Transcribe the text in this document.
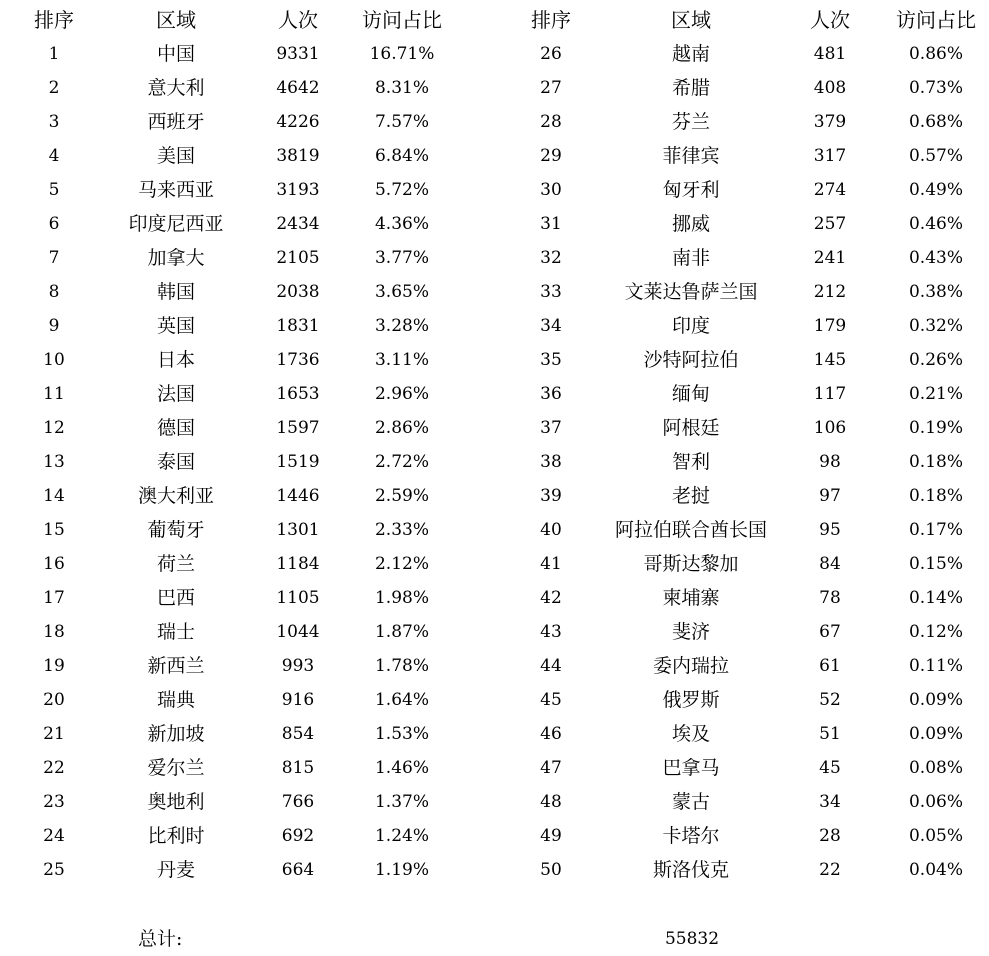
排序	区域	人次	访问占比
1	中国	9331	16.71%
2	意大利	4642	8.31%
3	西班牙	4226	7.57%
4	美国	3819	6.84%
5	马来西亚	3193	5.72%
6	印度尼西亚	2434	4.36%
7	加拿大	2105	3.77%
8	韩国	2038	3.65%
9	英国	1831	3.28%
10	日本	1736	3.11%
11	法国	1653	2.96%
12	德国	1597	2.86%
13	泰国	1519	2.72%
14	澳大利亚	1446	2.59%
15	葡萄牙	1301	2.33%
16	荷兰	1184	2.12%
17	巴西	1105	1.98%
18	瑞士	1044	1.87%
19	新西兰	993	1.78%
20	瑞典	916	1.64%
21	新加坡	854	1.53%
22	爱尔兰	815	1.46%
23	奥地利	766	1.37%
24	比利时	692	1.24%
25	丹麦	664	1.19%
排序	区域	人次	访问占比
26	越南	481	0.86%
27	希腊	408	0.73%
28	芬兰	379	0.68%
29	菲律宾	317	0.57%
30	匈牙利	274	0.49%
31	挪威	257	0.46%
32	南非	241	0.43%
33	文莱达鲁萨兰国	212	0.38%
34	印度	179	0.32%
35	沙特阿拉伯	145	0.26%
36	缅甸	117	0.21%
37	阿根廷	106	0.19%
38	智利	98	0.18%
39	老挝	97	0.18%
40	阿拉伯联合酋长国	95	0.17%
41	哥斯达黎加	84	0.15%
42	柬埔寨	78	0.14%
43	斐济	67	0.12%
44	委内瑞拉	61	0.11%
45	俄罗斯	52	0.09%
46	埃及	51	0.09%
47	巴拿马	45	0.08%
48	蒙古	34	0.06%
49	卡塔尔	28	0.05%
50	斯洛伐克	22	0.04%
总计:	55832
